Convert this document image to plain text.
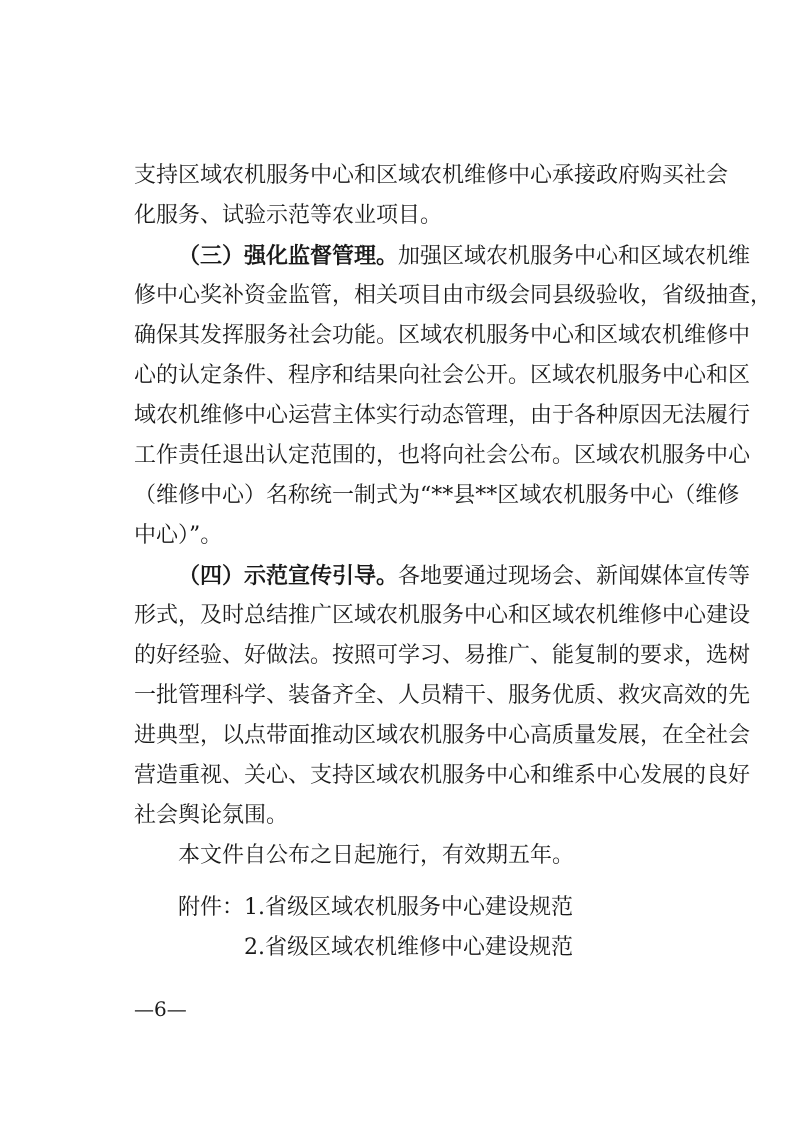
支持区域农机服务中心和区域农机维修中心承接政府购买社会
化服务、试验示范等农业项目。
（三）强化监督管理。加强区域农机服务中心和区域农机维
修中心奖补资金监管，相关项目由市级会同县级验收，省级抽查，
确保其发挥服务社会功能。区域农机服务中心和区域农机维修中
心的认定条件、程序和结果向社会公开。区域农机服务中心和区
域农机维修中心运营主体实行动态管理，由于各种原因无法履行
工作责任退出认定范围的，也将向社会公布。区域农机服务中心
（维修中心）名称统一制式为“**县**区域农机服务中心（维修
中心）”。
（四）示范宣传引导。各地要通过现场会、新闻媒体宣传等
形式，及时总结推广区域农机服务中心和区域农机维修中心建设
的好经验、好做法。按照可学习、易推广、能复制的要求，选树
一批管理科学、装备齐全、人员精干、服务优质、救灾高效的先
进典型，以点带面推动区域农机服务中心高质量发展，在全社会
营造重视、关心、支持区域农机服务中心和维系中心发展的良好
社会舆论氛围。
本文件自公布之日起施行，有效期五年。
附件： 1.省级区域农机服务中心建设规范
2.省级区域农机维修中心建设规范
—6—
